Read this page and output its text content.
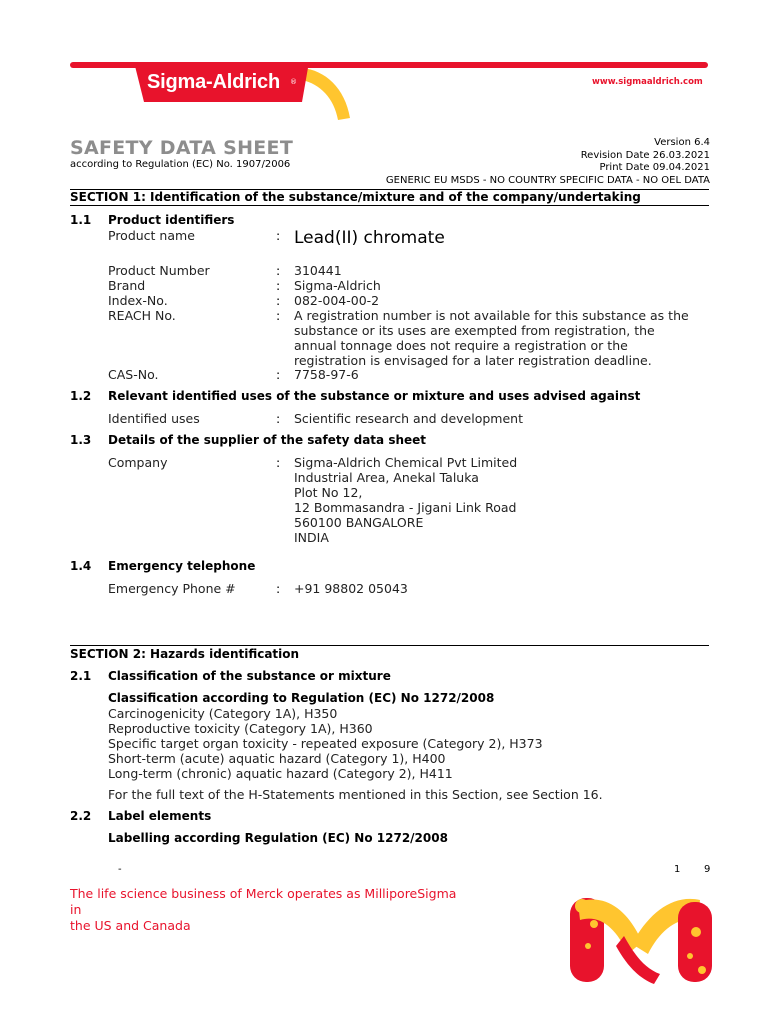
Sigma-Aldrich ®	www.sigmaaldrich.com
SAFETY DATA SHEET
according to Regulation (EC) No. 1907/2006
Version 6.4
Revision Date 26.03.2021
Print Date 09.04.2021
GENERIC EU MSDS - NO COUNTRY SPECIFIC DATA - NO OEL DATA
SECTION 1: Identification of the substance/mixture and of the company/undertaking
1.1 Product identifiers
Product name	: Lead(II) chromate
Product Number	: 310441
Brand	: Sigma-Aldrich
Index-No.	: 082-004-00-2
REACH No.	: A registration number is not available for this substance as the
substance or its uses are exempted from registration, the
annual tonnage does not require a registration or the
registration is envisaged for a later registration deadline.
CAS-No.	: 7758-97-6
1.2 Relevant identified uses of the substance or mixture and uses advised against
Identified uses	: Scientific research and development
1.3 Details of the supplier of the safety data sheet
Company	: Sigma-Aldrich Chemical Pvt Limited
Industrial Area, Anekal Taluka
Plot No 12,
12 Bommasandra - Jigani Link Road
560100 BANGALORE
INDIA
1.4 Emergency telephone
Emergency Phone #	: +91 98802 05043
SECTION 2: Hazards identification
2.1 Classification of the substance or mixture
Classification according to Regulation (EC) No 1272/2008
Carcinogenicity (Category 1A), H350
Reproductive toxicity (Category 1A), H360
Specific target organ toxicity - repeated exposure (Category 2), H373
Short-term (acute) aquatic hazard (Category 1), H400
Long-term (chronic) aquatic hazard (Category 2), H411
For the full text of the H-Statements mentioned in this Section, see Section 16.
2.2 Label elements
Labelling according Regulation (EC) No 1272/2008
-	1 9
The life science business of Merck operates as MilliporeSigma in
the US and Canada
